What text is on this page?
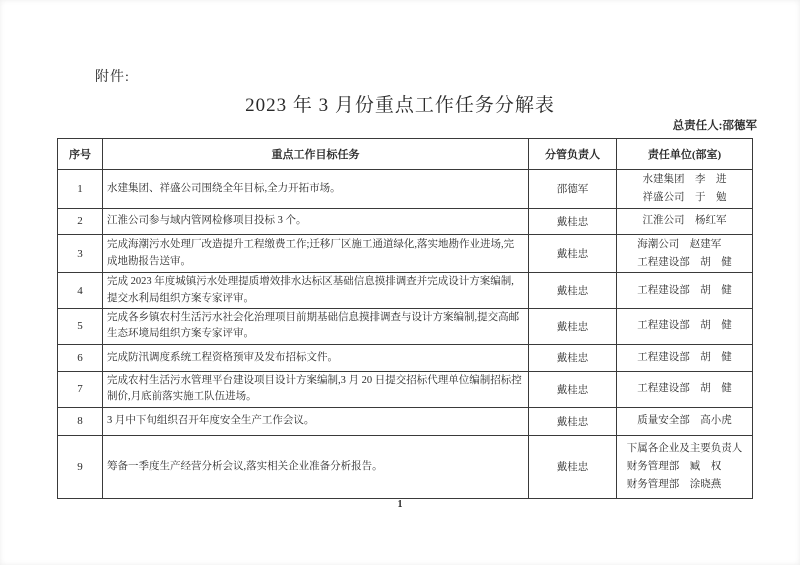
附件:
2023 年 3 月份重点工作任务分解表
总责任人:邵德军
序号	重点工作目标任务	分管负责人	责任单位(部室)
1	水建集团、祥盛公司围绕全年目标,全力开拓市场。	邵德军	水建集团　李　进
祥盛公司　于　勉

2	江淮公司参与域内管网检修项目投标 3 个。	戴桂忠	江淮公司　杨红军

3	完成海潮污水处理厂改造提升工程缴费工作;迁移厂区施工通道绿化,落实地勘作业进场,完成地勘报告送审。	戴桂忠	海潮公司　赵建军
工程建设部　胡　健

4	完成 2023 年度城镇污水处理提质增效排水达标区基础信息摸排调查并完成设计方案编制,提交水利局组织方案专家评审。	戴桂忠	工程建设部　胡　健

5	完成各乡镇农村生活污水社会化治理项目前期基础信息摸排调查与设计方案编制,提交高邮生态环境局组织方案专家评审。	戴桂忠	工程建设部　胡　健

6	完成防汛调度系统工程资格预审及发布招标文件。	戴桂忠	工程建设部　胡　健

7	完成农村生活污水管理平台建设项目设计方案编制,3 月 20 日提交招标代理单位编制招标控制价,月底前落实施工队伍进场。	戴桂忠	工程建设部　胡　健

8	3 月中下旬组织召开年度安全生产工作会议。	戴桂忠	质量安全部　高小虎

9	筹备一季度生产经营分析会议,落实相关企业准备分析报告。	戴桂忠	下属各企业及主要负责人
财务管理部　臧　权
财务管理部　涂晓燕
1
